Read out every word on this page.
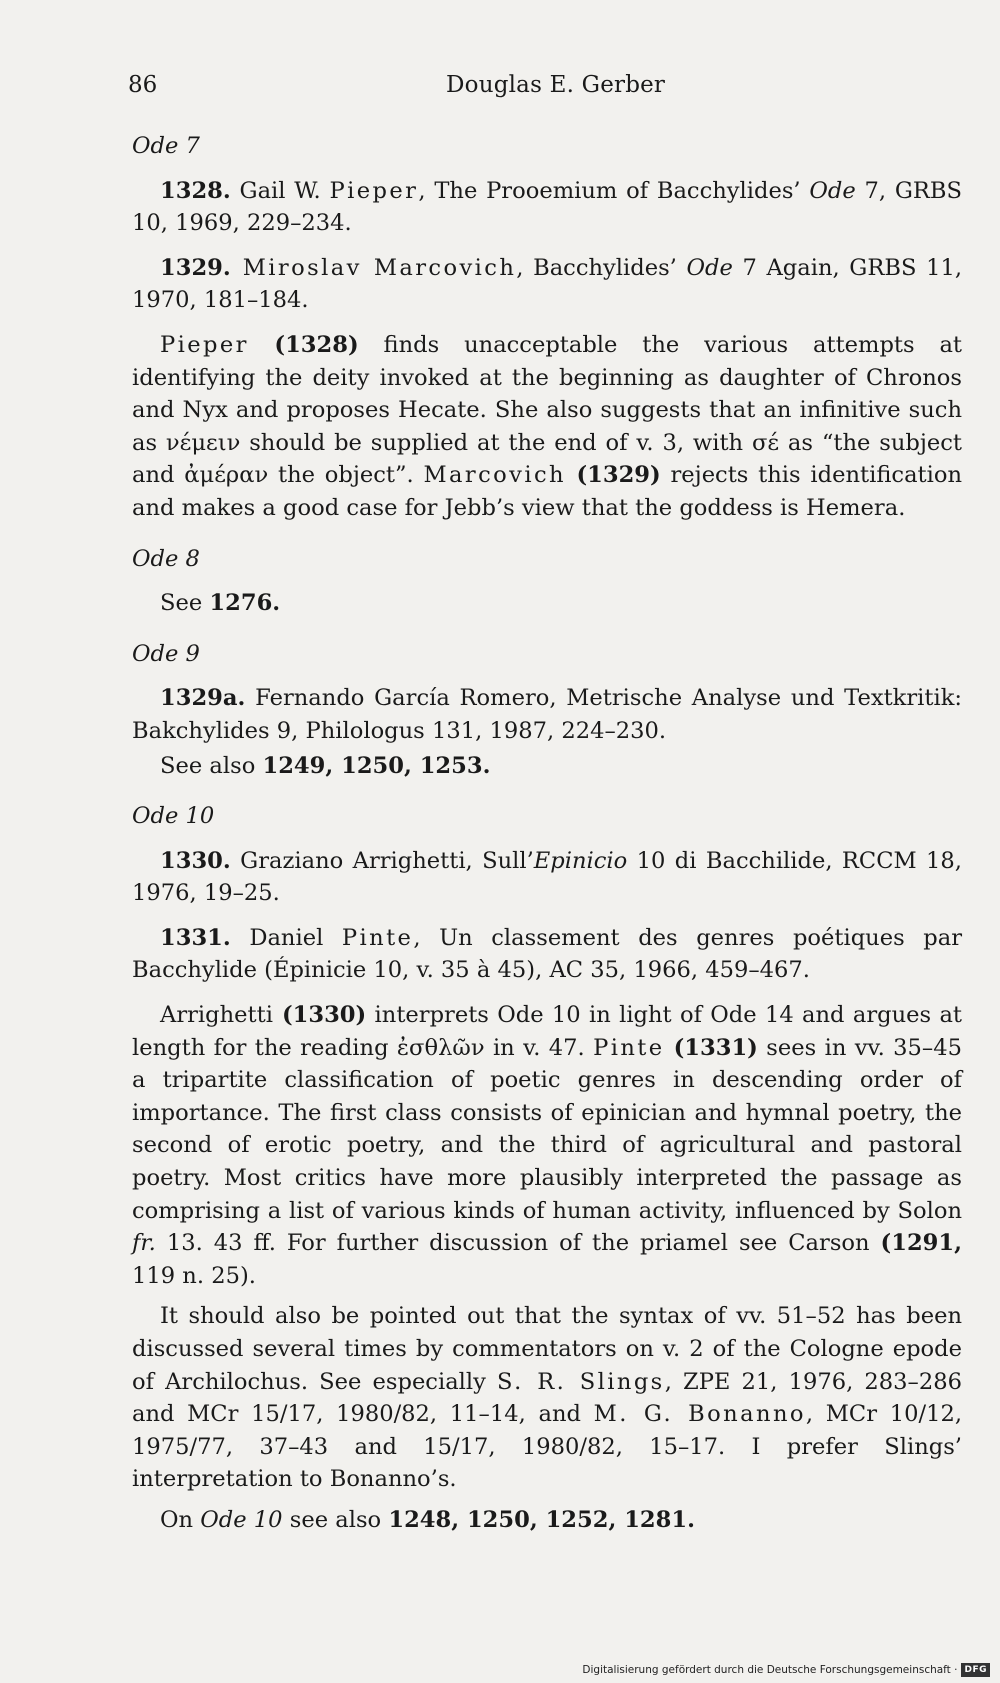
86	Douglas E. Gerber
Ode 7

1328. Gail W. Pieper, The Prooemium of Bacchylides’ Ode 7, GRBS 10, 1969, 229–234.

1329. Miroslav Marcovich, Bacchylides’ Ode 7 Again, GRBS 11, 1970, 181–184.

Pieper (1328) finds unacceptable the various attempts at identifying the deity invoked at the beginning as daughter of Chronos and Nyx and proposes Hecate. She also suggests that an infinitive such as νέμειν should be supplied at the end of v. 3, with σέ as “the subject and ἀμέραν the object”. Marcovich (1329) rejects this identification and makes a good case for Jebb’s view that the goddess is Hemera.

Ode 8

See 1276.

Ode 9

1329a. Fernando García Romero, Metrische Analyse und Textkritik: Bakchylides 9, Philologus 131, 1987, 224–230.

See also 1249, 1250, 1253.

Ode 10

1330. Graziano Arrighetti, Sull’Epinicio 10 di Bacchilide, RCCM 18, 1976, 19–25.

1331. Daniel Pinte, Un classement des genres poétiques par Bacchylide (Épinicie 10, v. 35 à 45), AC 35, 1966, 459–467.

Arrighetti (1330) interprets Ode 10 in light of Ode 14 and argues at length for the reading ἐσθλῶν in v. 47. Pinte (1331) sees in vv. 35–45 a tripartite classification of poetic genres in descending order of importance. The first class consists of epinician and hymnal poetry, the second of erotic poetry, and the third of agricultural and pastoral poetry. Most critics have more plausibly interpreted the passage as comprising a list of various kinds of human activity, influenced by Solon fr. 13. 43 ff. For further discussion of the priamel see Carson (1291, 119 n. 25).

It should also be pointed out that the syntax of vv. 51–52 has been discussed several times by commentators on v. 2 of the Cologne epode of Archilochus. See especially S. R. Slings, ZPE 21, 1976, 283–286 and MCr 15/17, 1980/82, 11–14, and M. G. Bonanno, MCr 10/12, 1975/77, 37–43 and 15/17, 1980/82, 15–17. I prefer Slings’ interpretation to Bonanno’s.

On Ode 10 see also 1248, 1250, 1252, 1281.

Digitalisierung gefördert durch die Deutsche Forschungsgemeinschaft · DFG
